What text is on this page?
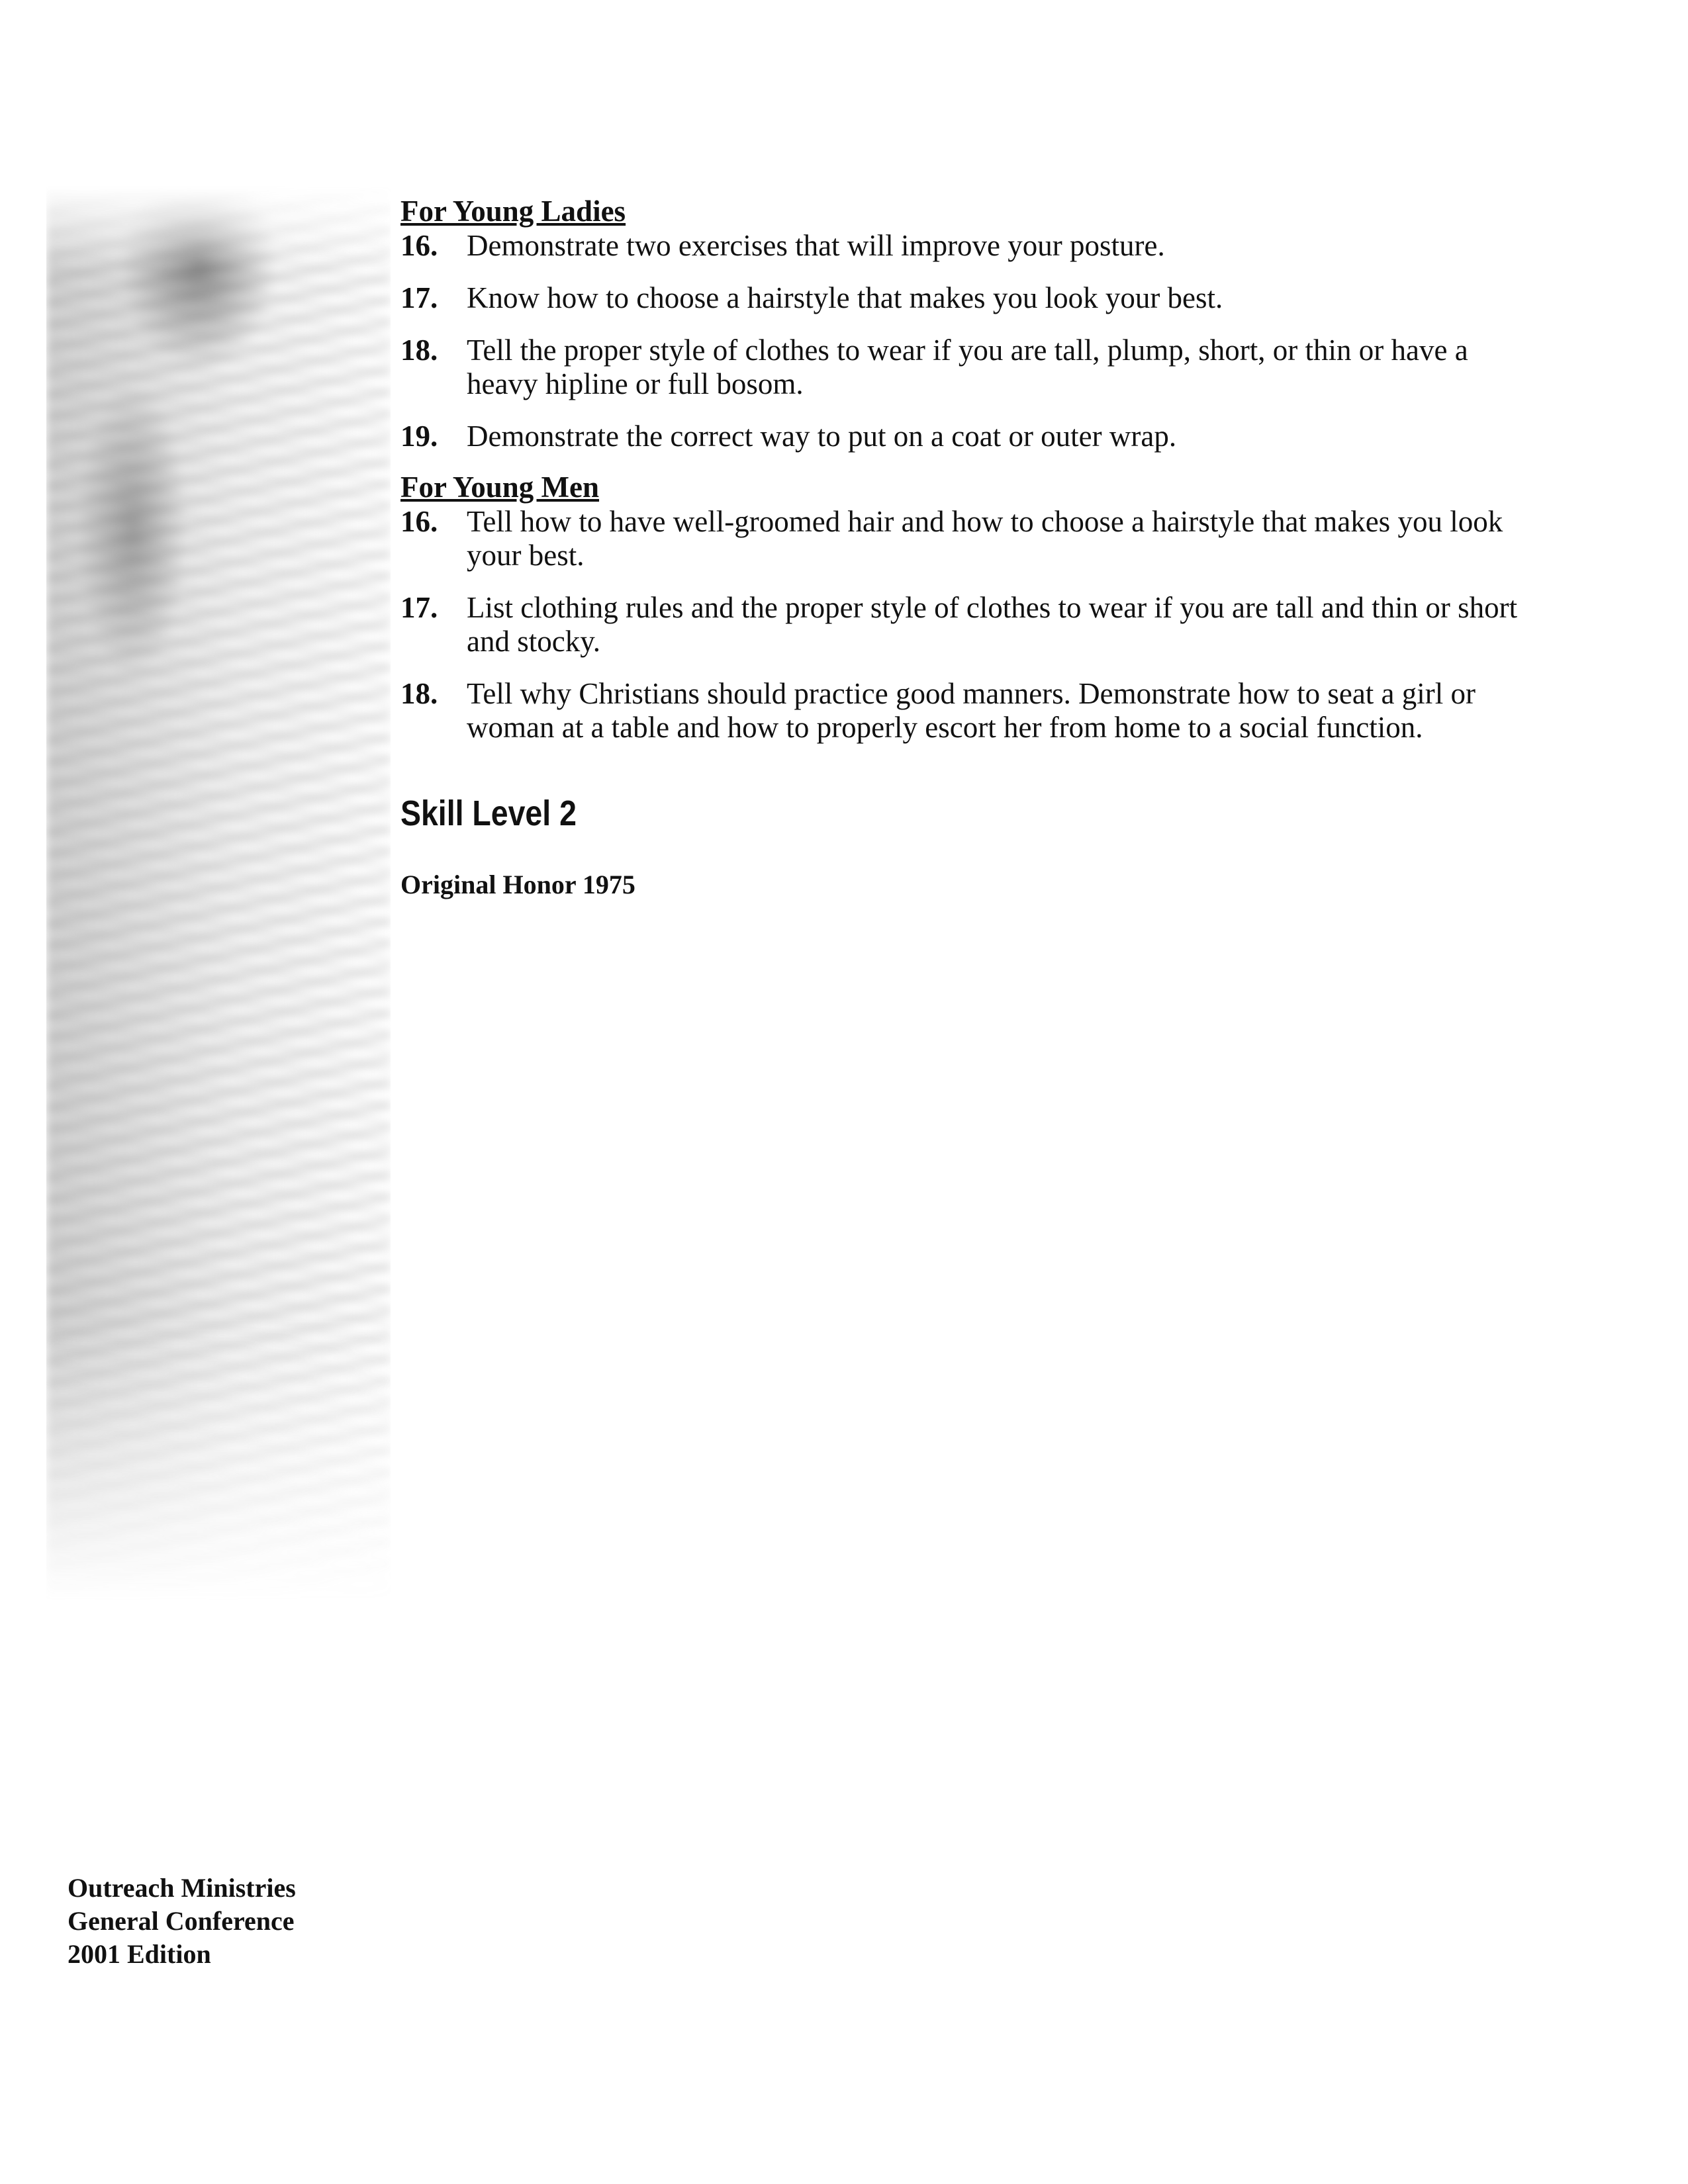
For Young Ladies
16. Demonstrate two exercises that will improve your posture.
17. Know how to choose a hairstyle that makes you look your best.
18. Tell the proper style of clothes to wear if you are tall, plump, short, or thin or have a heavy hipline or full bosom.
19. Demonstrate the correct way to put on a coat or outer wrap.
For Young Men
16. Tell how to have well-groomed hair and how to choose a hairstyle that makes you look your best.
17. List clothing rules and the proper style of clothes to wear if you are tall and thin or short and stocky.
18. Tell why Christians should practice good manners. Demonstrate how to seat a girl or woman at a table and how to properly escort her from home to a social function.
Skill Level 2
Original Honor 1975
Outreach Ministries
General Conference
2001 Edition
